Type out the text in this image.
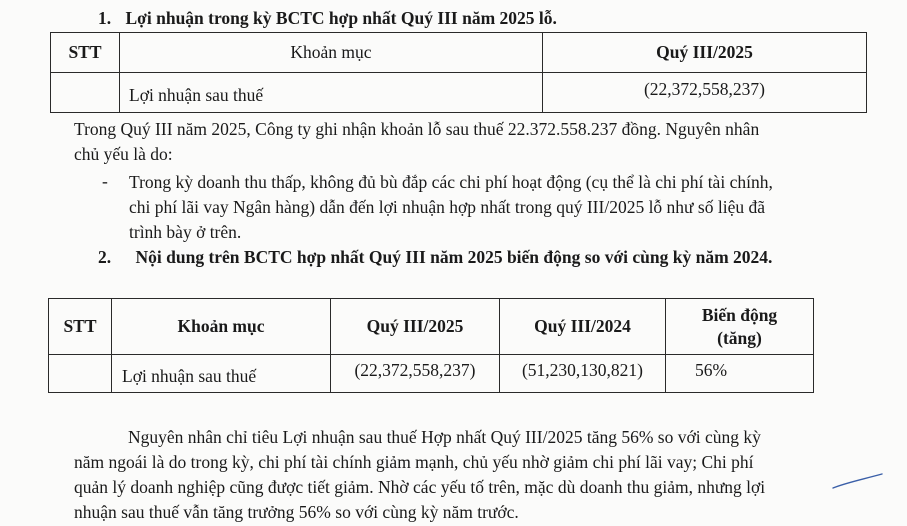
1. Lợi nhuận trong kỳ BCTC hợp nhất Quý III năm 2025 lỗ.
STT	Khoản mục	Quý III/2025
	Lợi nhuận sau thuế	(22,372,558,237)
Trong Quý III năm 2025, Công ty ghi nhận khoản lỗ sau thuế 22.372.558.237 đồng. Nguyên nhân
chủ yếu là do:
- Trong kỳ doanh thu thấp, không đủ bù đắp các chi phí hoạt động (cụ thể là chi phí tài chính,
chi phí lãi vay Ngân hàng) dẫn đến lợi nhuận hợp nhất trong quý III/2025 lỗ như số liệu đã
trình bày ở trên.
2. Nội dung trên BCTC hợp nhất Quý III năm 2025 biến động so với cùng kỳ năm 2024.
STT	Khoản mục	Quý III/2025	Quý III/2024	Biến động
(tăng)

	Lợi nhuận sau thuế	(22,372,558,237)	(51,230,130,821)	56%
Nguyên nhân chỉ tiêu Lợi nhuận sau thuế Hợp nhất Quý III/2025 tăng 56% so với cùng kỳ
năm ngoái là do trong kỳ, chi phí tài chính giảm mạnh, chủ yếu nhờ giảm chi phí lãi vay; Chi phí
quản lý doanh nghiệp cũng được tiết giảm. Nhờ các yếu tố trên, mặc dù doanh thu giảm, nhưng lợi
nhuận sau thuế vẫn tăng trưởng 56% so với cùng kỳ năm trước.
